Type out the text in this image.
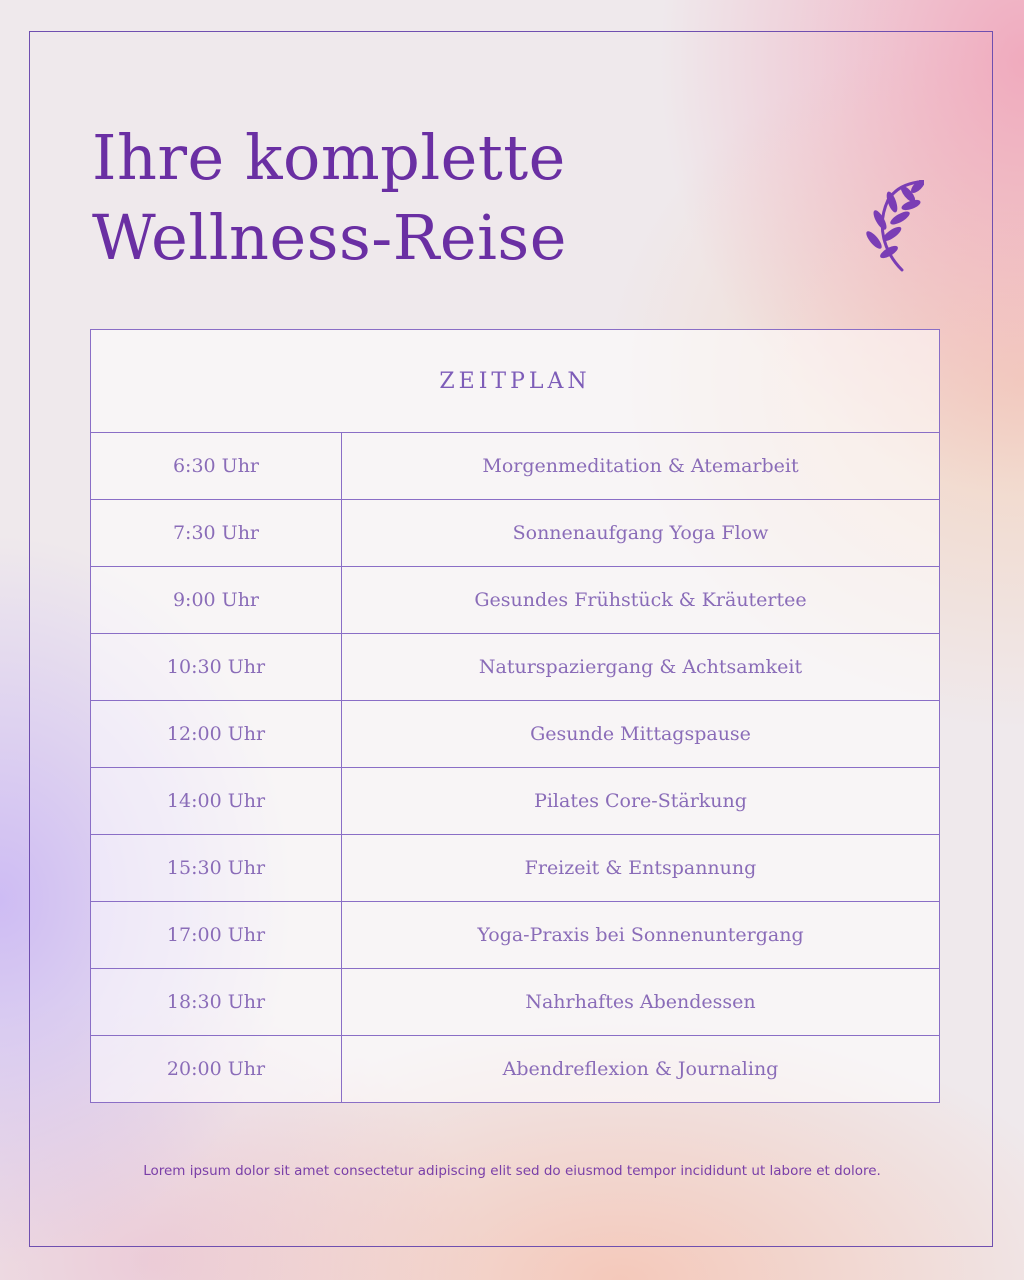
Ihre komplette
Wellness-Reise
ZEITPLAN	
6:30 Uhr	Morgenmeditation & Atemarbeit
7:30 Uhr	Sonnenaufgang Yoga Flow
9:00 Uhr	Gesundes Frühstück & Kräutertee
10:30 Uhr	Naturspaziergang & Achtsamkeit
12:00 Uhr	Gesunde Mittagspause
14:00 Uhr	Pilates Core-Stärkung
15:30 Uhr	Freizeit & Entspannung
17:00 Uhr	Yoga-Praxis bei Sonnenuntergang
18:30 Uhr	Nahrhaftes Abendessen
20:00 Uhr	Abendreflexion & Journaling
Lorem ipsum dolor sit amet consectetur adipiscing elit sed do eiusmod tempor incididunt ut labore et dolore.
